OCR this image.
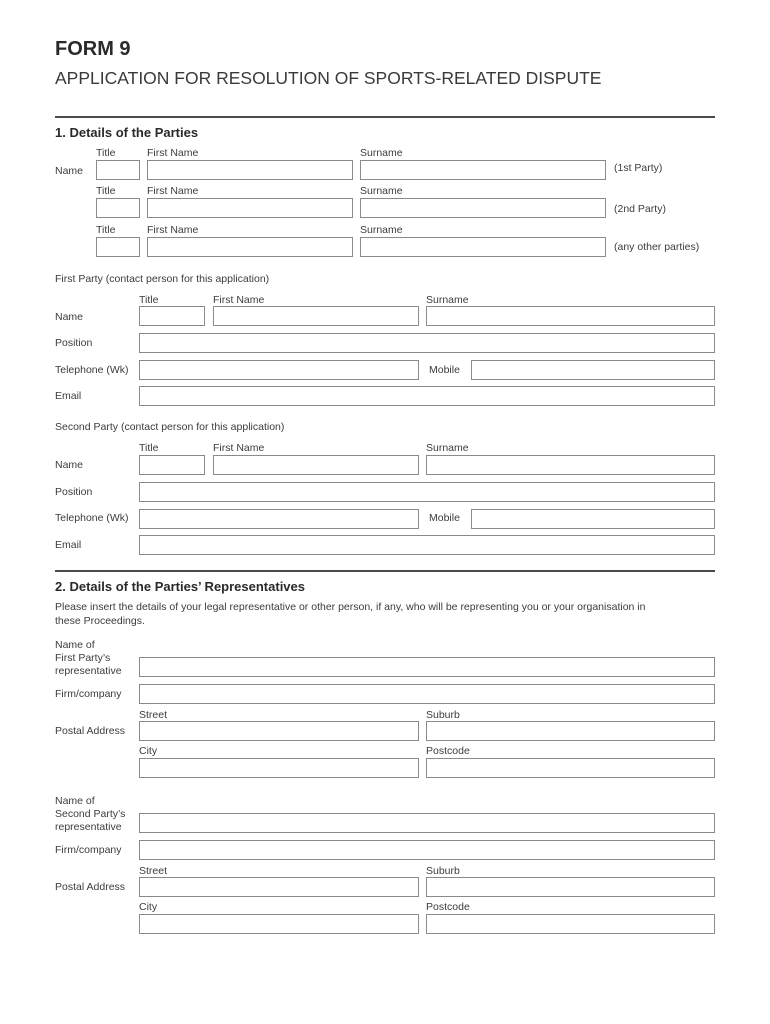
FORM 9
APPLICATION FOR RESOLUTION OF SPORTS-RELATED DISPUTE
1. Details of the Parties
Title	First Name	Surname
Name	(1st Party)
Title	First Name	Surname
(2nd Party)
Title	First Name	Surname
(any other parties)
First Party (contact person for this application)
Title	First Name	Surname
Name
Position
Telephone (Wk)	Mobile
Email
Second Party (contact person for this application)
Title	First Name	Surname
Name
Position
Telephone (Wk)	Mobile
Email
2. Details of the Parties’ Representatives
Please insert the details of your legal representative or other person, if any, who will be representing you or your organisation in
these Proceedings.
Name of
First Party’s
representative
Firm/company
Street	Suburb
Postal Address
City	Postcode
Name of
Second Party’s
representative
Firm/company
Street	Suburb
Postal Address
City	Postcode
